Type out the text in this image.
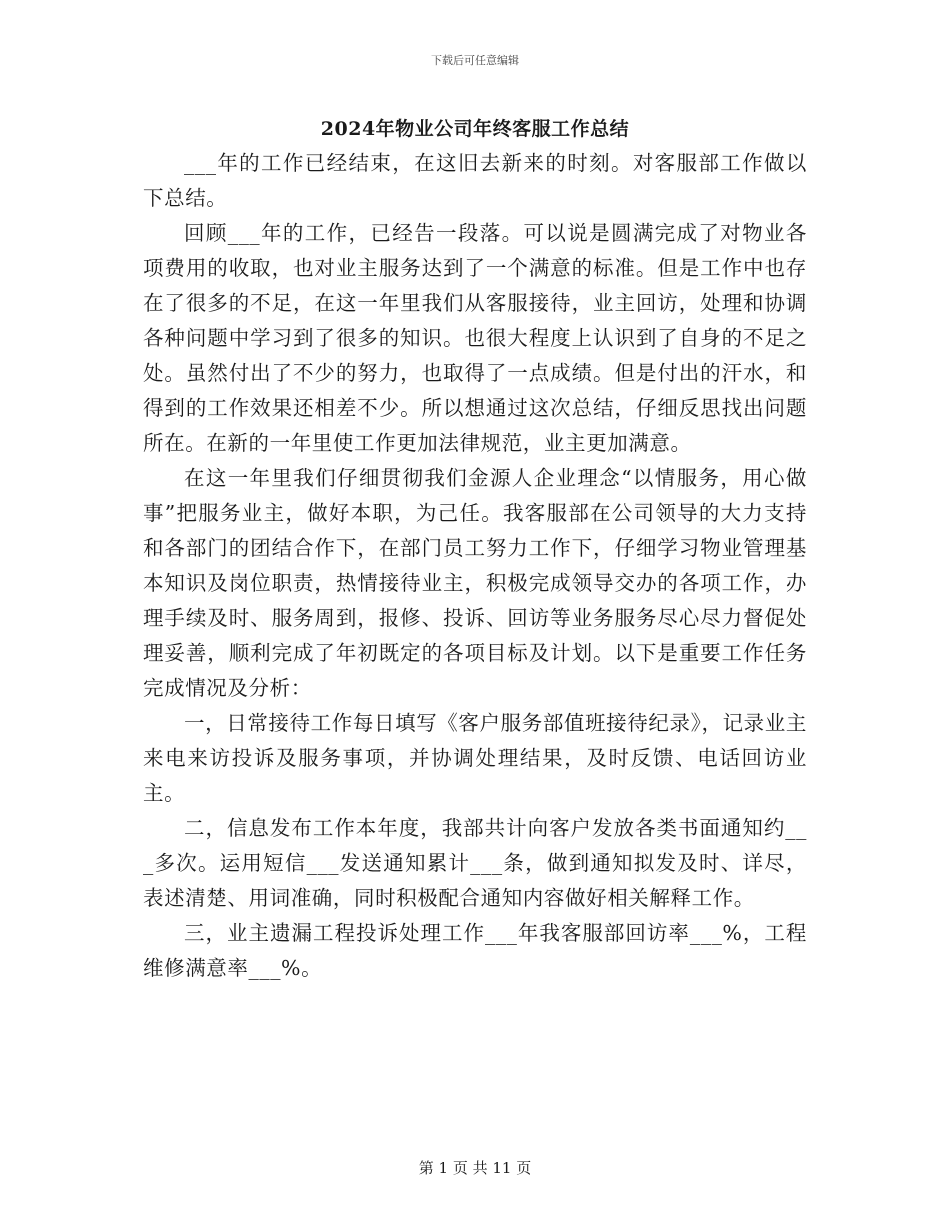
下载后可任意编辑
2024年物业公司年终客服工作总结

___年的工作已经结束，在这旧去新来的时刻。对客服部工作做以下总结。

回顾___年的工作，已经告一段落。可以说是圆满完成了对物业各项费用的收取，也对业主服务达到了一个满意的标准。但是工作中也存在了很多的不足，在这一年里我们从客服接待，业主回访，处理和协调各种问题中学习到了很多的知识。也很大程度上认识到了自身的不足之处。虽然付出了不少的努力，也取得了一点成绩。但是付出的汗水，和得到的工作效果还相差不少。所以想通过这次总结，仔细反思找出问题所在。在新的一年里使工作更加法律规范，业主更加满意。

在这一年里我们仔细贯彻我们金源人企业理念“以情服务，用心做事”把服务业主，做好本职，为己任。我客服部在公司领导的大力支持和各部门的团结合作下，在部门员工努力工作下，仔细学习物业管理基本知识及岗位职责，热情接待业主，积极完成领导交办的各项工作，办理手续及时、服务周到，报修、投诉、回访等业务服务尽心尽力督促处理妥善，顺利完成了年初既定的各项目标及计划。以下是重要工作任务完成情况及分析：

一，日常接待工作每日填写《客户服务部值班接待纪录》，记录业主来电来访投诉及服务事项，并协调处理结果，及时反馈、电话回访业主。

二，信息发布工作本年度，我部共计向客户发放各类书面通知约___多次。运用短信___发送通知累计___条，做到通知拟发及时、详尽，表述清楚、用词准确，同时积极配合通知内容做好相关解释工作。

三，业主遗漏工程投诉处理工作___年我客服部回访率___%，工程维修满意率___%。

第 1 页 共 11 页
